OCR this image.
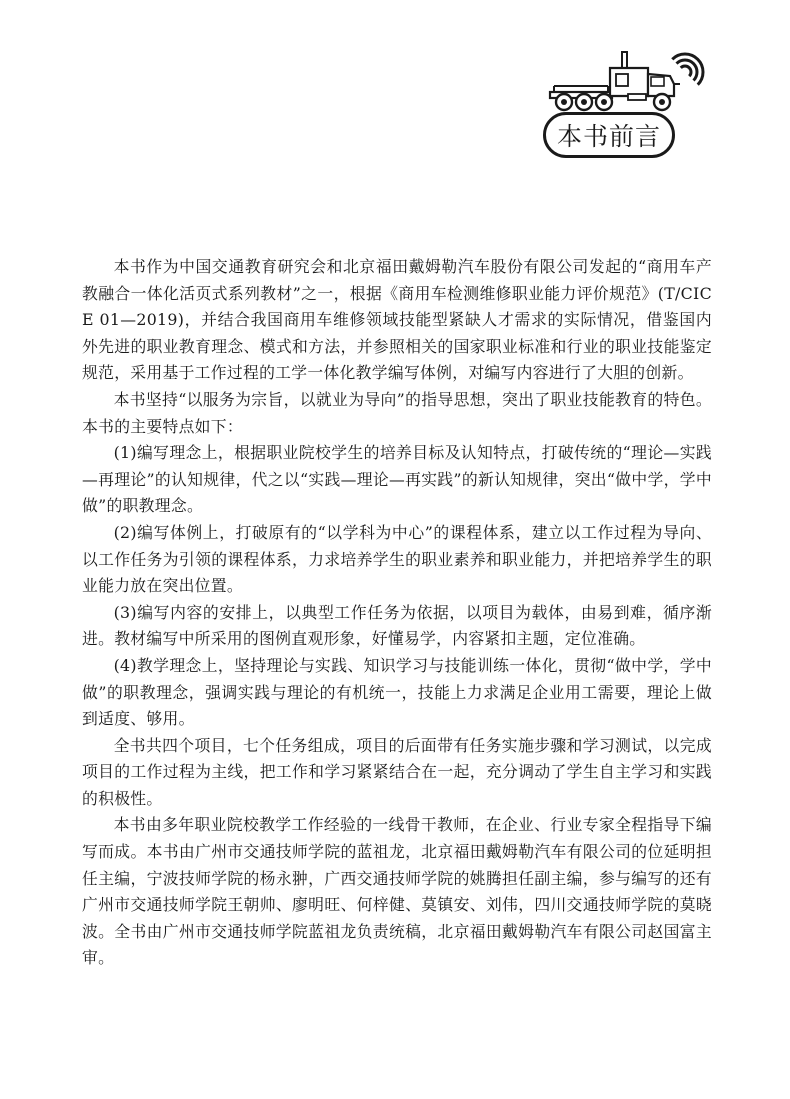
本书前言

本书作为中国交通教育研究会和北京福田戴姆勒汽车股份有限公司发起的“商用车产教融合一体化活页式系列教材”之一，根据《商用车检测维修职业能力评价规范》(T/CICE 01—2019)，并结合我国商用车维修领域技能型紧缺人才需求的实际情况，借鉴国内外先进的职业教育理念、模式和方法，并参照相关的国家职业标准和行业的职业技能鉴定规范，采用基于工作过程的工学一体化教学编写体例，对编写内容进行了大胆的创新。

本书坚持“以服务为宗旨，以就业为导向”的指导思想，突出了职业技能教育的特色。本书的主要特点如下：

(1)编写理念上，根据职业院校学生的培养目标及认知特点，打破传统的“理论—实践—再理论”的认知规律，代之以“实践—理论—再实践”的新认知规律，突出“做中学，学中做”的职教理念。

(2)编写体例上，打破原有的“以学科为中心”的课程体系，建立以工作过程为导向、以工作任务为引领的课程体系，力求培养学生的职业素养和职业能力，并把培养学生的职业能力放在突出位置。

(3)编写内容的安排上，以典型工作任务为依据，以项目为载体，由易到难，循序渐进。教材编写中所采用的图例直观形象，好懂易学，内容紧扣主题，定位准确。

(4)教学理念上，坚持理论与实践、知识学习与技能训练一体化，贯彻“做中学，学中做”的职教理念，强调实践与理论的有机统一，技能上力求满足企业用工需要，理论上做到适度、够用。

全书共四个项目，七个任务组成，项目的后面带有任务实施步骤和学习测试，以完成项目的工作过程为主线，把工作和学习紧紧结合在一起，充分调动了学生自主学习和实践的积极性。

本书由多年职业院校教学工作经验的一线骨干教师，在企业、行业专家全程指导下编写而成。本书由广州市交通技师学院的蓝祖龙，北京福田戴姆勒汽车有限公司的位延明担任主编，宁波技师学院的杨永翀，广西交通技师学院的姚腾担任副主编，参与编写的还有广州市交通技师学院王朝帅、廖明旺、何梓健、莫镇安、刘伟，四川交通技师学院的莫晓波。全书由广州市交通技师学院蓝祖龙负责统稿，北京福田戴姆勒汽车有限公司赵国富主审。
